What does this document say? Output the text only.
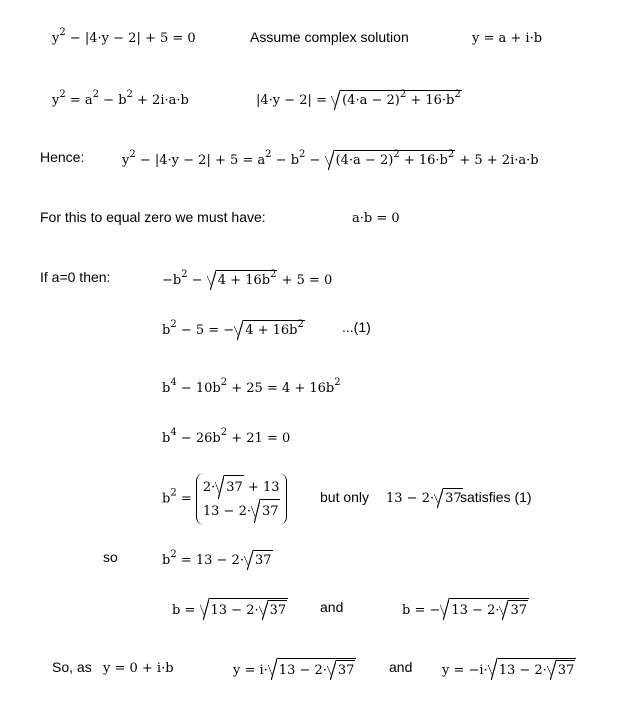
$y^2 - |4\cdot y - 2| + 5 = 0$	Assume complex solution	y = a + i·b
$y^2 = a^2 - b^2 + 2i\cdot a\cdot b$	$|4\cdot y - 2| = (4\cdot a - 2)^2 + 16\cdot b^2$
Hence:	$y^2 - |4\cdot y - 2| + 5 = a^2 - b^2 - (4\cdot a - 2)^2 + 16\cdot b^2 + 5 + 2i\cdot a\cdot b$
For this to equal zero we must have:	a·b = 0
If a=0 then:	$-b^2 - 4 + 16b^2 + 5 = 0$
$b^2 - 5$ = − $4 + 16b^2$	...(1)
$b^4 - 10b^2 + 25 = 4 + 16b^2$
$b^4 - 26b^2 + 21 = 0$
$b^2$ =
2· 37 + 13
13 − 2· 37
but only 13 − 2· 37
satisfies (1)
so	$b^2 = 13 - 2\cdot 37$
b = 13 − 2· 37 and	b = − 13 − 2· 37
So, as y = 0 + i·b	y = i· 13 − 2· 37 and y = −i· 13 − 2· 37
